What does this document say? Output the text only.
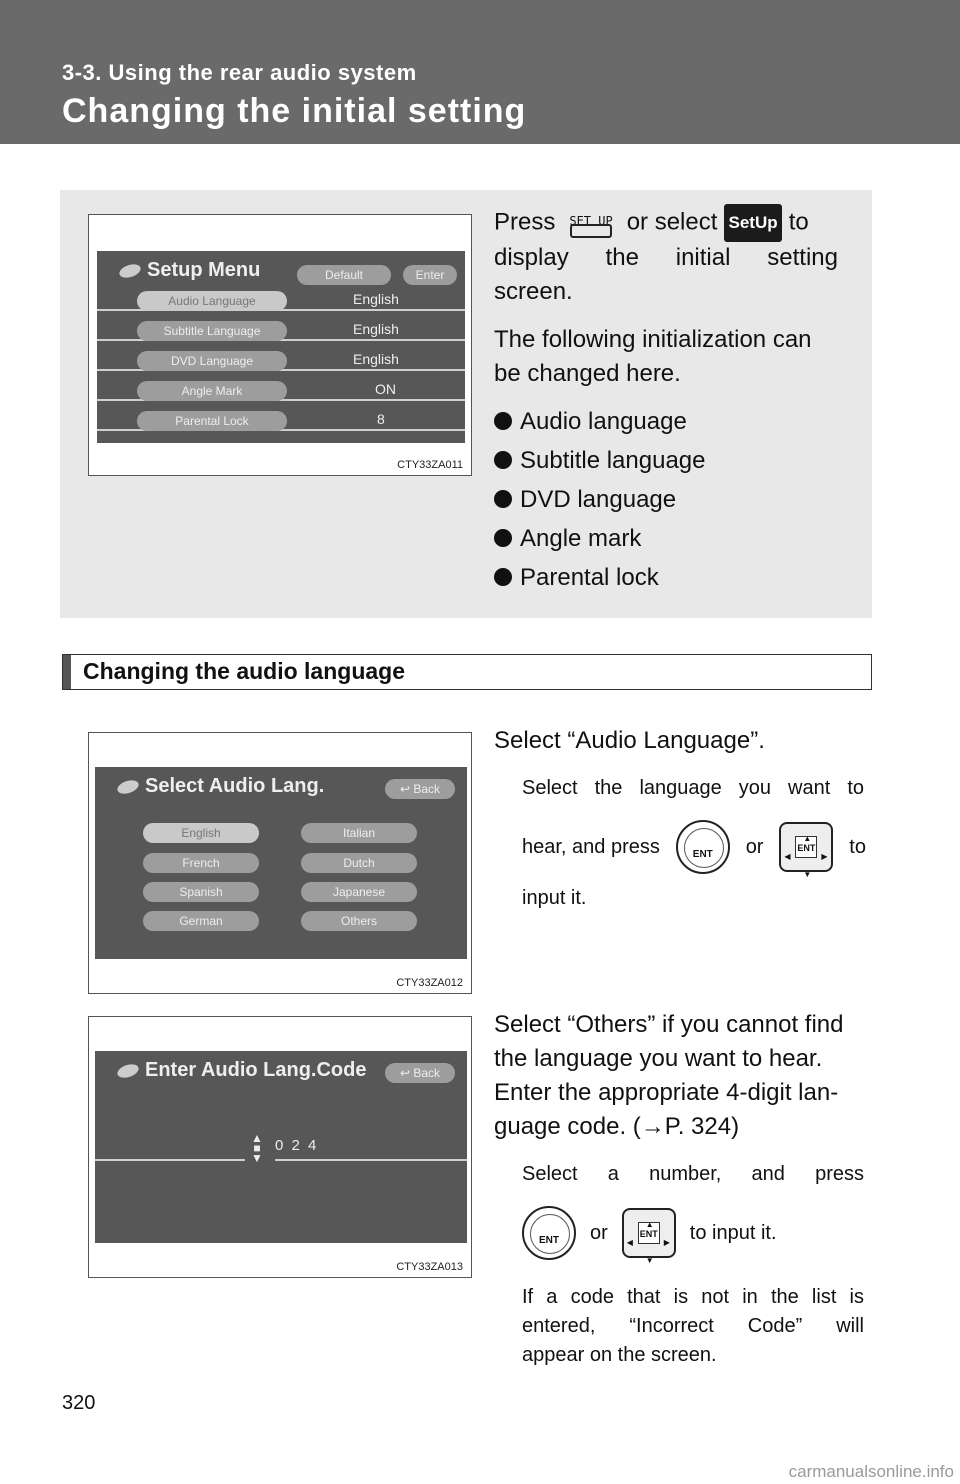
3-3. Using the rear audio system
Changing the initial setting
Setup Menu	Default	Enter
Audio Language	English
Subtitle Language	English
DVD Language	English
Angle Mark	ON
Parental Lock	8
CTY33ZA011
Press	SET UP or select SetUp to
display the initial setting
screen.
The following initialization can
be changed here.
Audio language
Subtitle language
DVD language
Angle mark
Parental lock
Changing the audio language
Select Audio Lang.	↩ Back
English	Italian
French	Dutch
Spanish	Japanese
German	Others
CTY33ZA012
Select “Audio Language”.
Select the language you want to
hear, and press	ENT	or	ENT
▲
▼
◀	▶ to
input it.
Enter Audio Lang.Code	↩ Back
▲
■
▼
0 2 4
CTY33ZA013
Select “Others” if you cannot find
the language you want to hear.
Enter the appropriate 4-digit lan-
guage code. (→P. 324)
Select a number, and press
ENT	or	ENT
▲
▼
◀	▶ to input it.
If a code that is not in the list is
entered, “Incorrect Code” will
appear on the screen.
320
carmanualsonline.info
